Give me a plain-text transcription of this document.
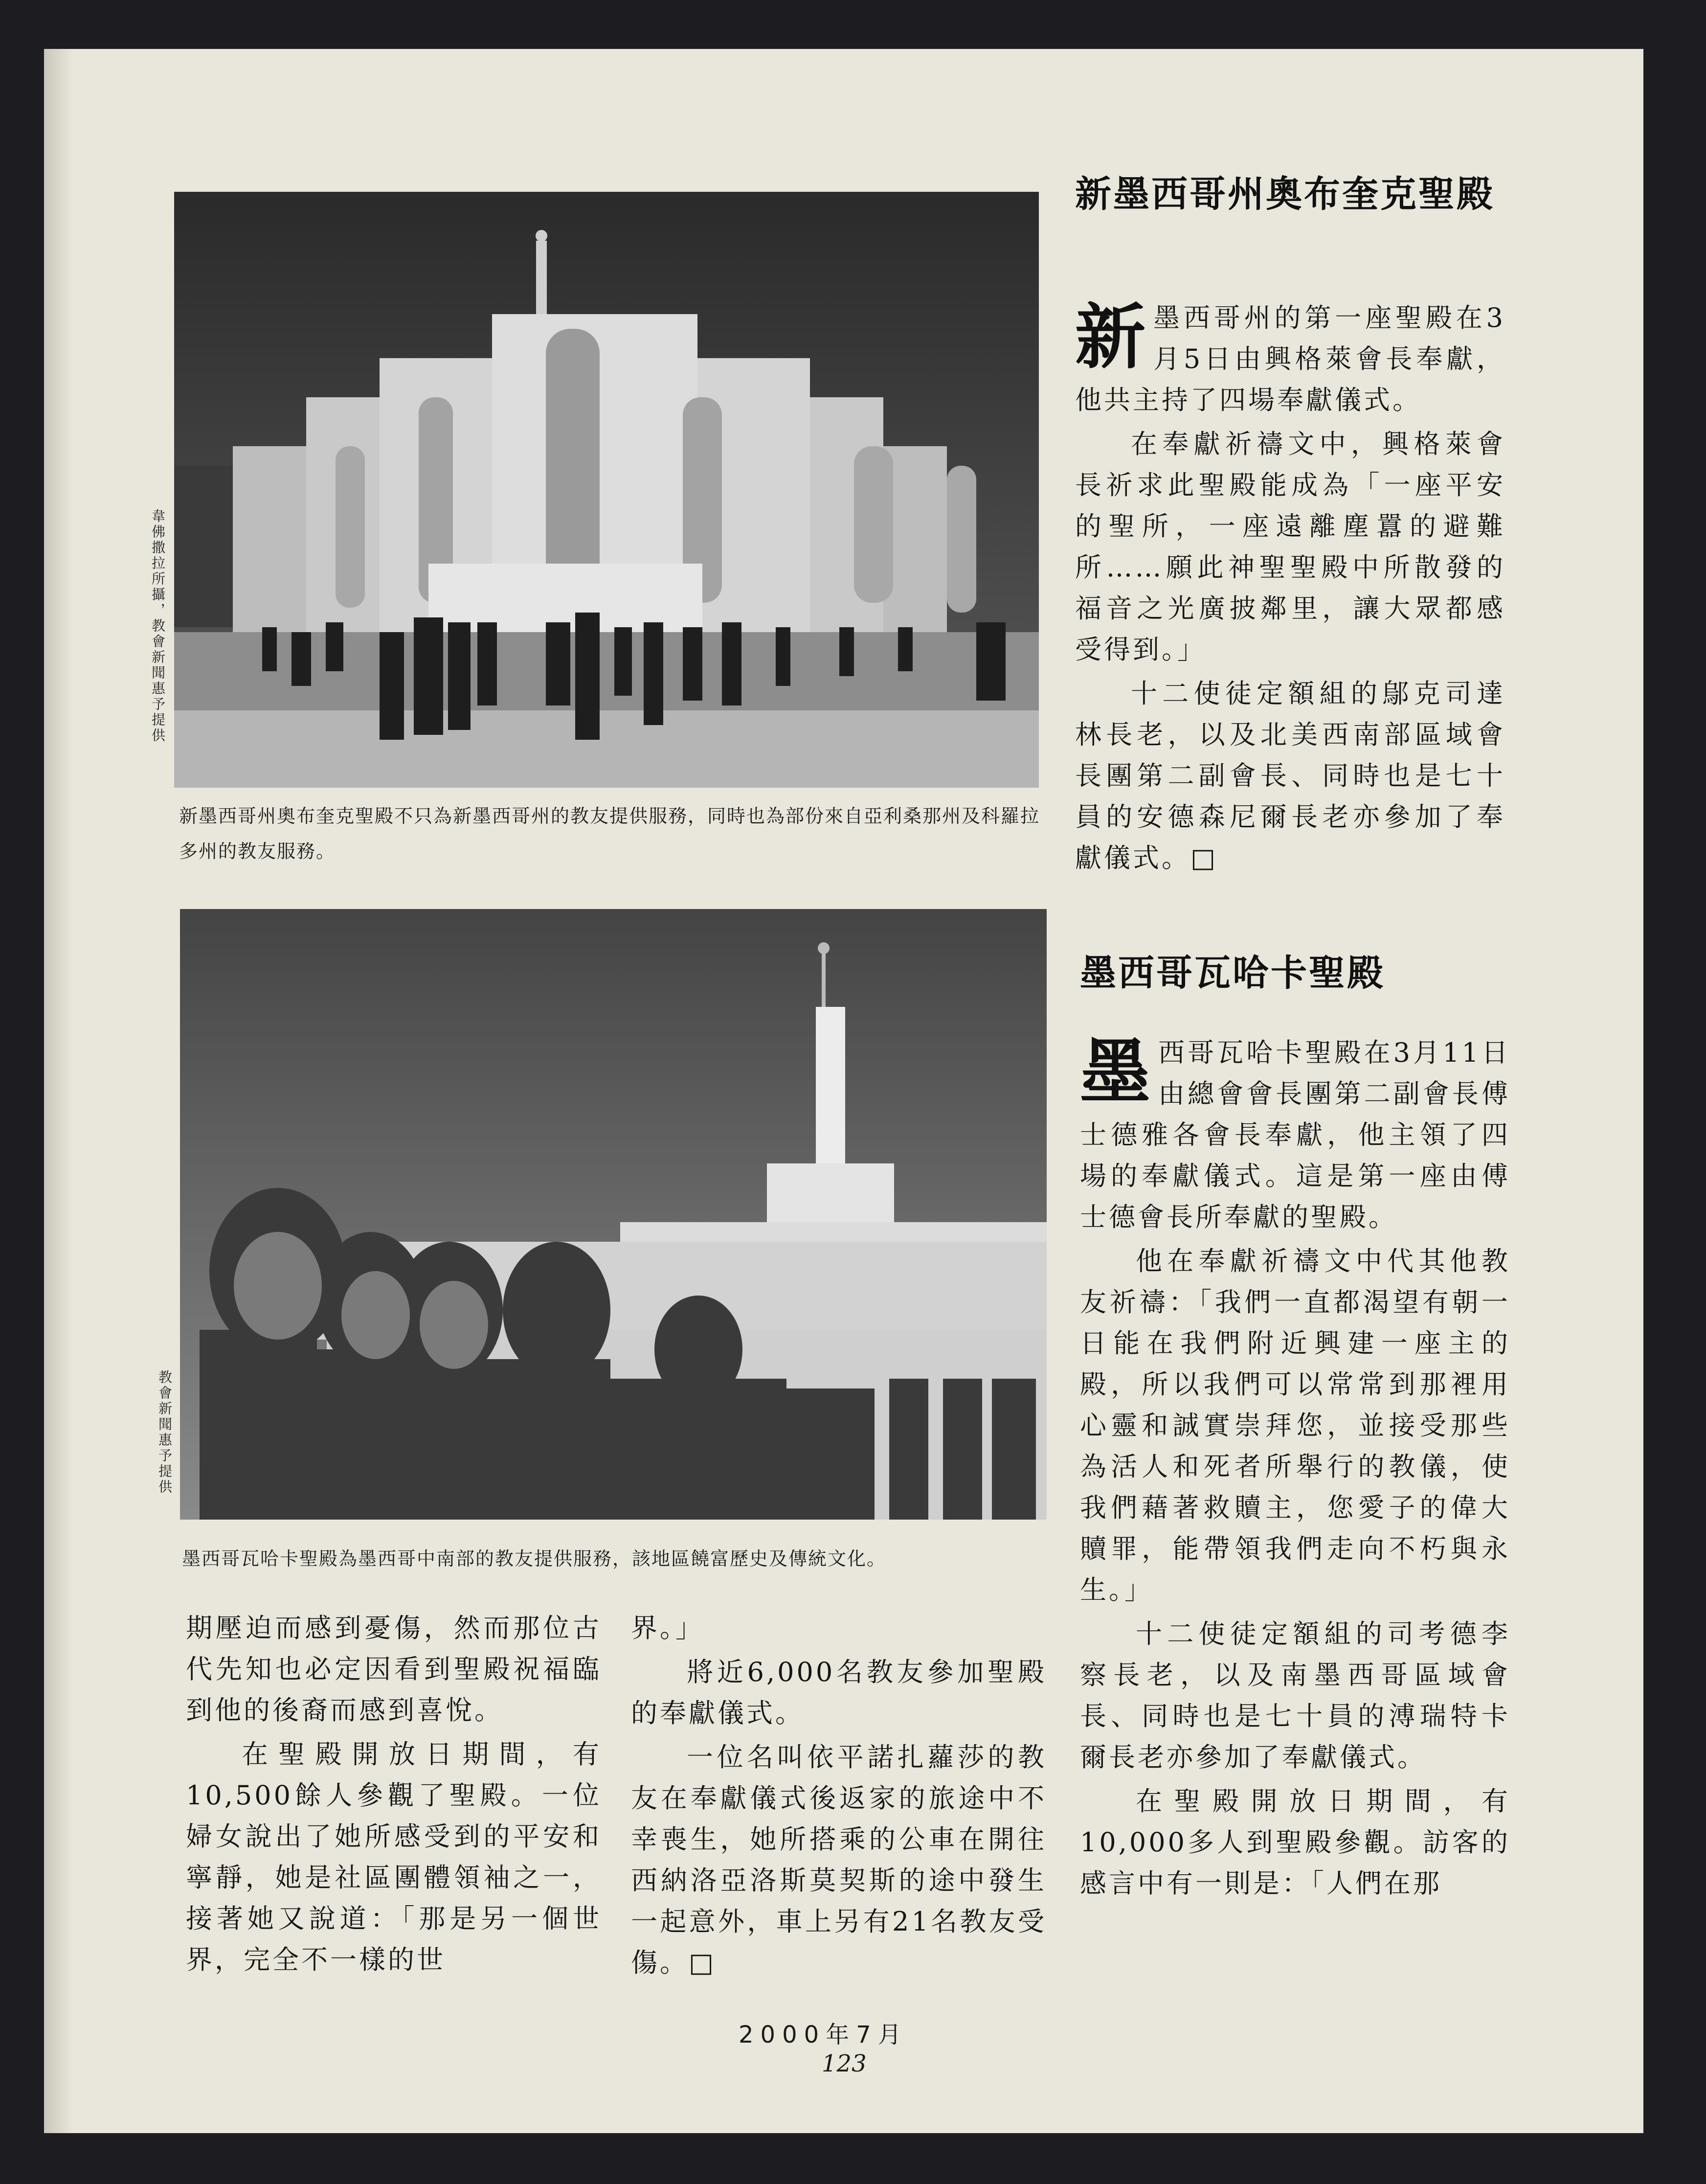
韋佛撒拉所攝，教會新聞惠予提供
新墨西哥州奧布奎克聖殿不只為新墨西哥州的教友提供服務，同時也為部份來自亞利桑那州及科羅拉多州的教友服務。
教會新聞惠予提供
墨西哥瓦哈卡聖殿為墨西哥中南部的教友提供服務，該地區饒富歷史及傳統文化。

期壓迫而感到憂傷，然而那位古代先知也必定因看到聖殿祝福臨到他的後裔而感到喜悅。

在聖殿開放日期間，有10,500餘人參觀了聖殿。一位婦女說出了她所感受到的平安和寧靜，她是社區團體領袖之一，接著她又說道：「那是另一個世界，完全不一樣的世

界。」

將近6,000名教友參加聖殿的奉獻儀式。

一位名叫依平諾扎蘿莎的教友在奉獻儀式後返家的旅途中不幸喪生，她所搭乘的公車在開往西納洛亞洛斯莫契斯的途中發生一起意外，車上另有21名教友受傷。□

新墨西哥州奧布奎克聖殿
新 墨西哥州的第一座聖殿在3月5日由興格萊會長奉獻，他共主持了四場奉獻儀式。

在奉獻祈禱文中，興格萊會長祈求此聖殿能成為「一座平安的聖所，一座遠離塵囂的避難所……願此神聖聖殿中所散發的福音之光廣披鄰里，讓大眾都感受得到。」

十二使徒定額組的鄔克司達林長老，以及北美西南部區域會長團第二副會長、同時也是七十員的安德森尼爾長老亦參加了奉獻儀式。□

墨西哥瓦哈卡聖殿
墨 西哥瓦哈卡聖殿在3月11日由總會會長團第二副會長傅士德雅各會長奉獻，他主領了四場的奉獻儀式。這是第一座由傅士德會長所奉獻的聖殿。

他在奉獻祈禱文中代其他教友祈禱：「我們一直都渴望有朝一日能在我們附近興建一座主的殿，所以我們可以常常到那裡用心靈和誠實崇拜您，並接受那些為活人和死者所舉行的教儀，使我們藉著救贖主，您愛子的偉大贖罪，能帶領我們走向不朽與永生。」

十二使徒定額組的司考德李察長老，以及南墨西哥區域會長、同時也是七十員的溥瑞特卡爾長老亦參加了奉獻儀式。

在聖殿開放日期間，有10,000多人到聖殿參觀。訪客的感言中有一則是：「人們在那

2000年7月
123
